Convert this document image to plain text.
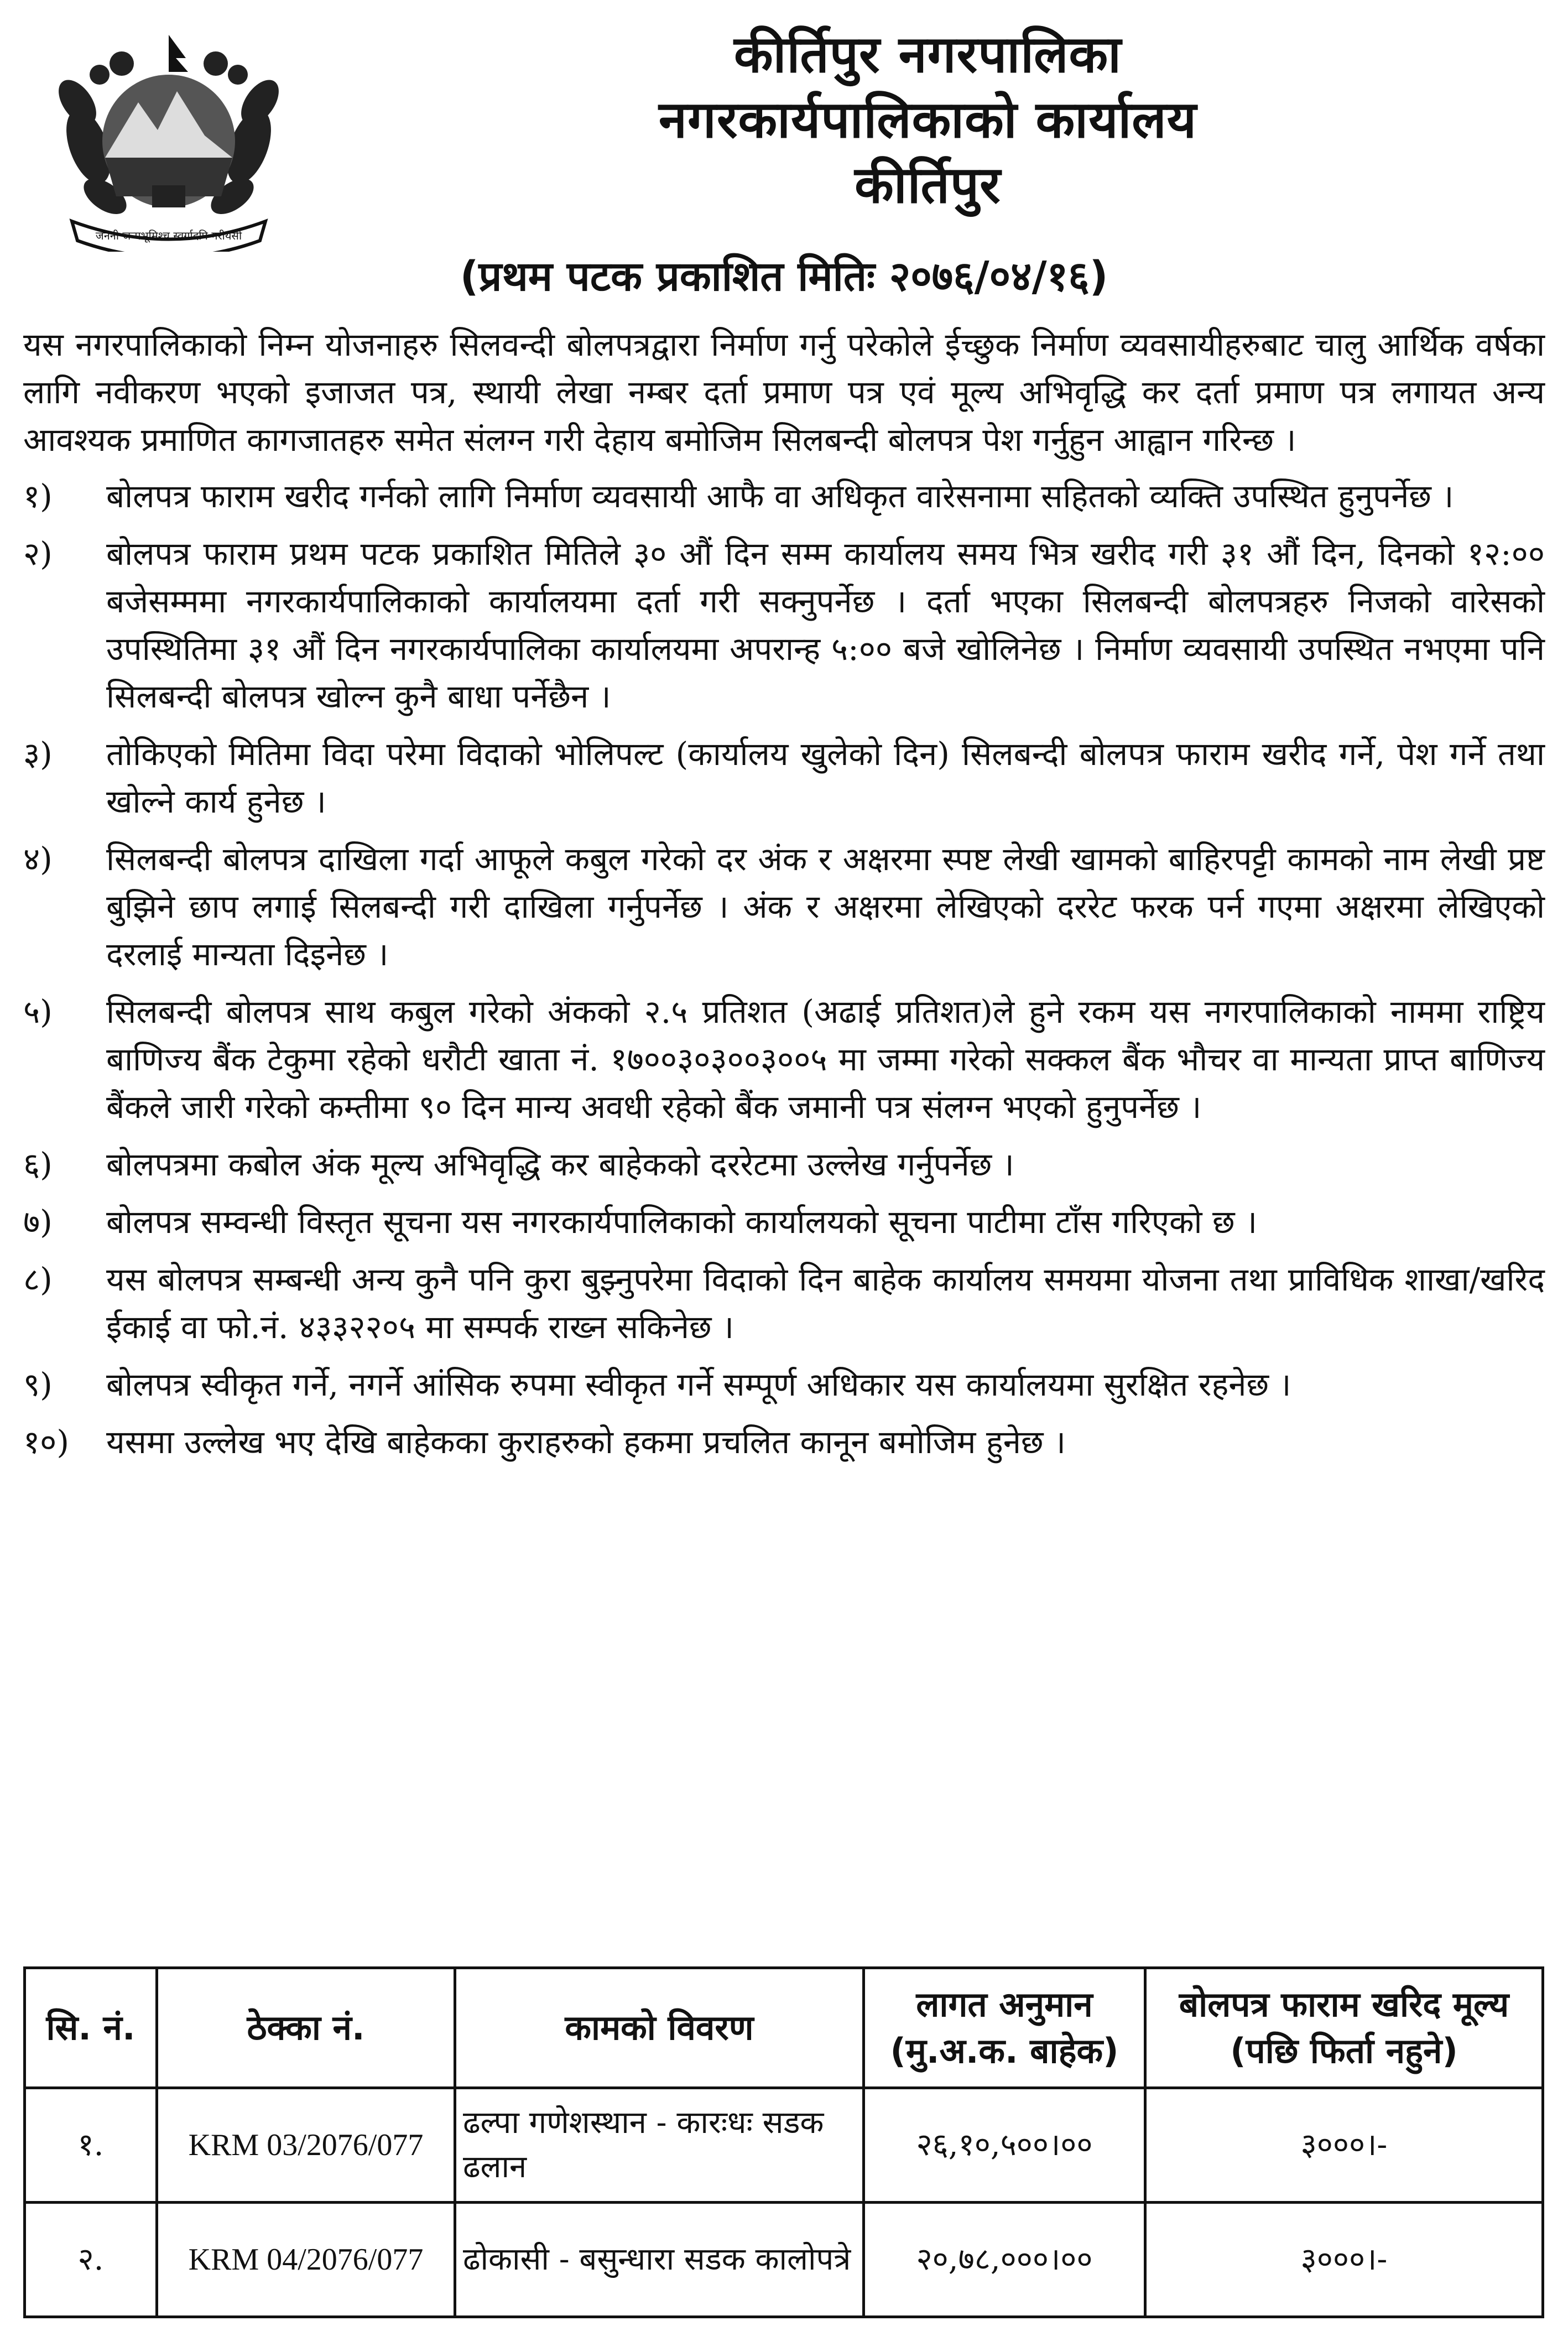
जननी जन्मभूमिश्च स्वर्गादपि गरीयसी
कीर्तिपुर नगरपालिका
नगरकार्यपालिकाको कार्यालय
कीर्तिपुर
(प्रथम पटक प्रकाशित मितिः २०७६/०४/१६)

यस नगरपालिकाको निम्न योजनाहरु सिलवन्दी बोलपत्रद्वारा निर्माण गर्नु परेकोले ईच्छुक निर्माण व्यवसायीहरुबाट चालु आर्थिक वर्षका लागि नवीकरण भएको इजाजत पत्र, स्थायी लेखा नम्बर दर्ता प्रमाण पत्र एवं मूल्य अभिवृद्धि कर दर्ता प्रमाण पत्र लगायत अन्य आवश्यक प्रमाणित कागजातहरु समेत संलग्न गरी देहाय बमोजिम सिलबन्दी बोलपत्र पेश गर्नुहुन आह्वान गरिन्छ ।

१)	बोलपत्र फाराम खरीद गर्नको लागि निर्माण व्यवसायी आफै वा अधिकृत वारेसनामा सहितको व्यक्ति उपस्थित हुनुपर्नेछ ।
२)	बोलपत्र फाराम प्रथम पटक प्रकाशित मितिले ३० औं दिन सम्म कार्यालय समय भित्र खरीद गरी ३१ औं दिन, दिनको १२:०० बजेसम्ममा नगरकार्यपालिकाको कार्यालयमा दर्ता गरी सक्नुपर्नेछ । दर्ता भएका सिलबन्दी बोलपत्रहरु निजको वारेसको उपस्थितिमा ३१ औं दिन नगरकार्यपालिका कार्यालयमा अपरान्ह ५:०० बजे खोलिनेछ । निर्माण व्यवसायी उपस्थित नभएमा पनि सिलबन्दी बोलपत्र खोल्न कुनै बाधा पर्नेछैन ।
३)	तोकिएको मितिमा विदा परेमा विदाको भोलिपल्ट (कार्यालय खुलेको दिन) सिलबन्दी बोलपत्र फाराम खरीद गर्ने, पेश गर्ने तथा खोल्ने कार्य हुनेछ ।
४)	सिलबन्दी बोलपत्र दाखिला गर्दा आफूले कबुल गरेको दर अंक र अक्षरमा स्पष्ट लेखी खामको बाहिरपट्टी कामको नाम लेखी प्रष्ट बुझिने छाप लगाई सिलबन्दी गरी दाखिला गर्नुपर्नेछ । अंक र अक्षरमा लेखिएको दररेट फरक पर्न गएमा अक्षरमा लेखिएको दरलाई मान्यता दिइनेछ ।
५)	सिलबन्दी बोलपत्र साथ कबुल गरेको अंकको २.५ प्रतिशत (अढाई प्रतिशत)ले हुने रकम यस नगरपालिकाको नाममा राष्ट्रिय बाणिज्य बैंक टेकुमा रहेको धरौटी खाता नं. १७००३०३००३००५ मा जम्मा गरेको सक्कल बैंक भौचर वा मान्यता प्राप्त बाणिज्य बैंकले जारी गरेको कम्तीमा ९० दिन मान्य अवधी रहेको बैंक जमानी पत्र संलग्न भएको हुनुपर्नेछ ।
६)	बोलपत्रमा कबोल अंक मूल्य अभिवृद्धि कर बाहेकको दररेटमा उल्लेख गर्नुपर्नेछ ।
७)	बोलपत्र सम्वन्धी विस्तृत सूचना यस नगरकार्यपालिकाको कार्यालयको सूचना पाटीमा टाँस गरिएको छ ।
८)	यस बोलपत्र सम्बन्धी अन्य कुनै पनि कुरा बुझ्नुपरेमा विदाको दिन बाहेक कार्यालय समयमा योजना तथा प्राविधिक शाखा/खरिद ईकाई वा फो.नं. ४३३२२०५ मा सम्पर्क राख्न सकिनेछ ।
९)	बोलपत्र स्वीकृत गर्ने, नगर्ने आंसिक रुपमा स्वीकृत गर्ने सम्पूर्ण अधिकार यस कार्यालयमा सुरक्षित रहनेछ ।
१०)	यसमा उल्लेख भए देखि बाहेकका कुराहरुको हकमा प्रचलित कानून बमोजिम हुनेछ ।
सि. नं.	ठेक्का नं.	कामको विवरण	लागत अनुमान (मु.अ.क. बाहेक)	बोलपत्र फाराम खरिद मूल्य (पछि फिर्ता नहुने)
१.	KRM 03/2076/077	ढल्पा गणेशस्थान - कारःधः सडक ढलान	२६,१०,५००।००	३०००।-
२.	KRM 04/2076/077	ढोकासी - बसुन्धारा सडक कालोपत्रे	२०,७८,०००।००	३०००।-
